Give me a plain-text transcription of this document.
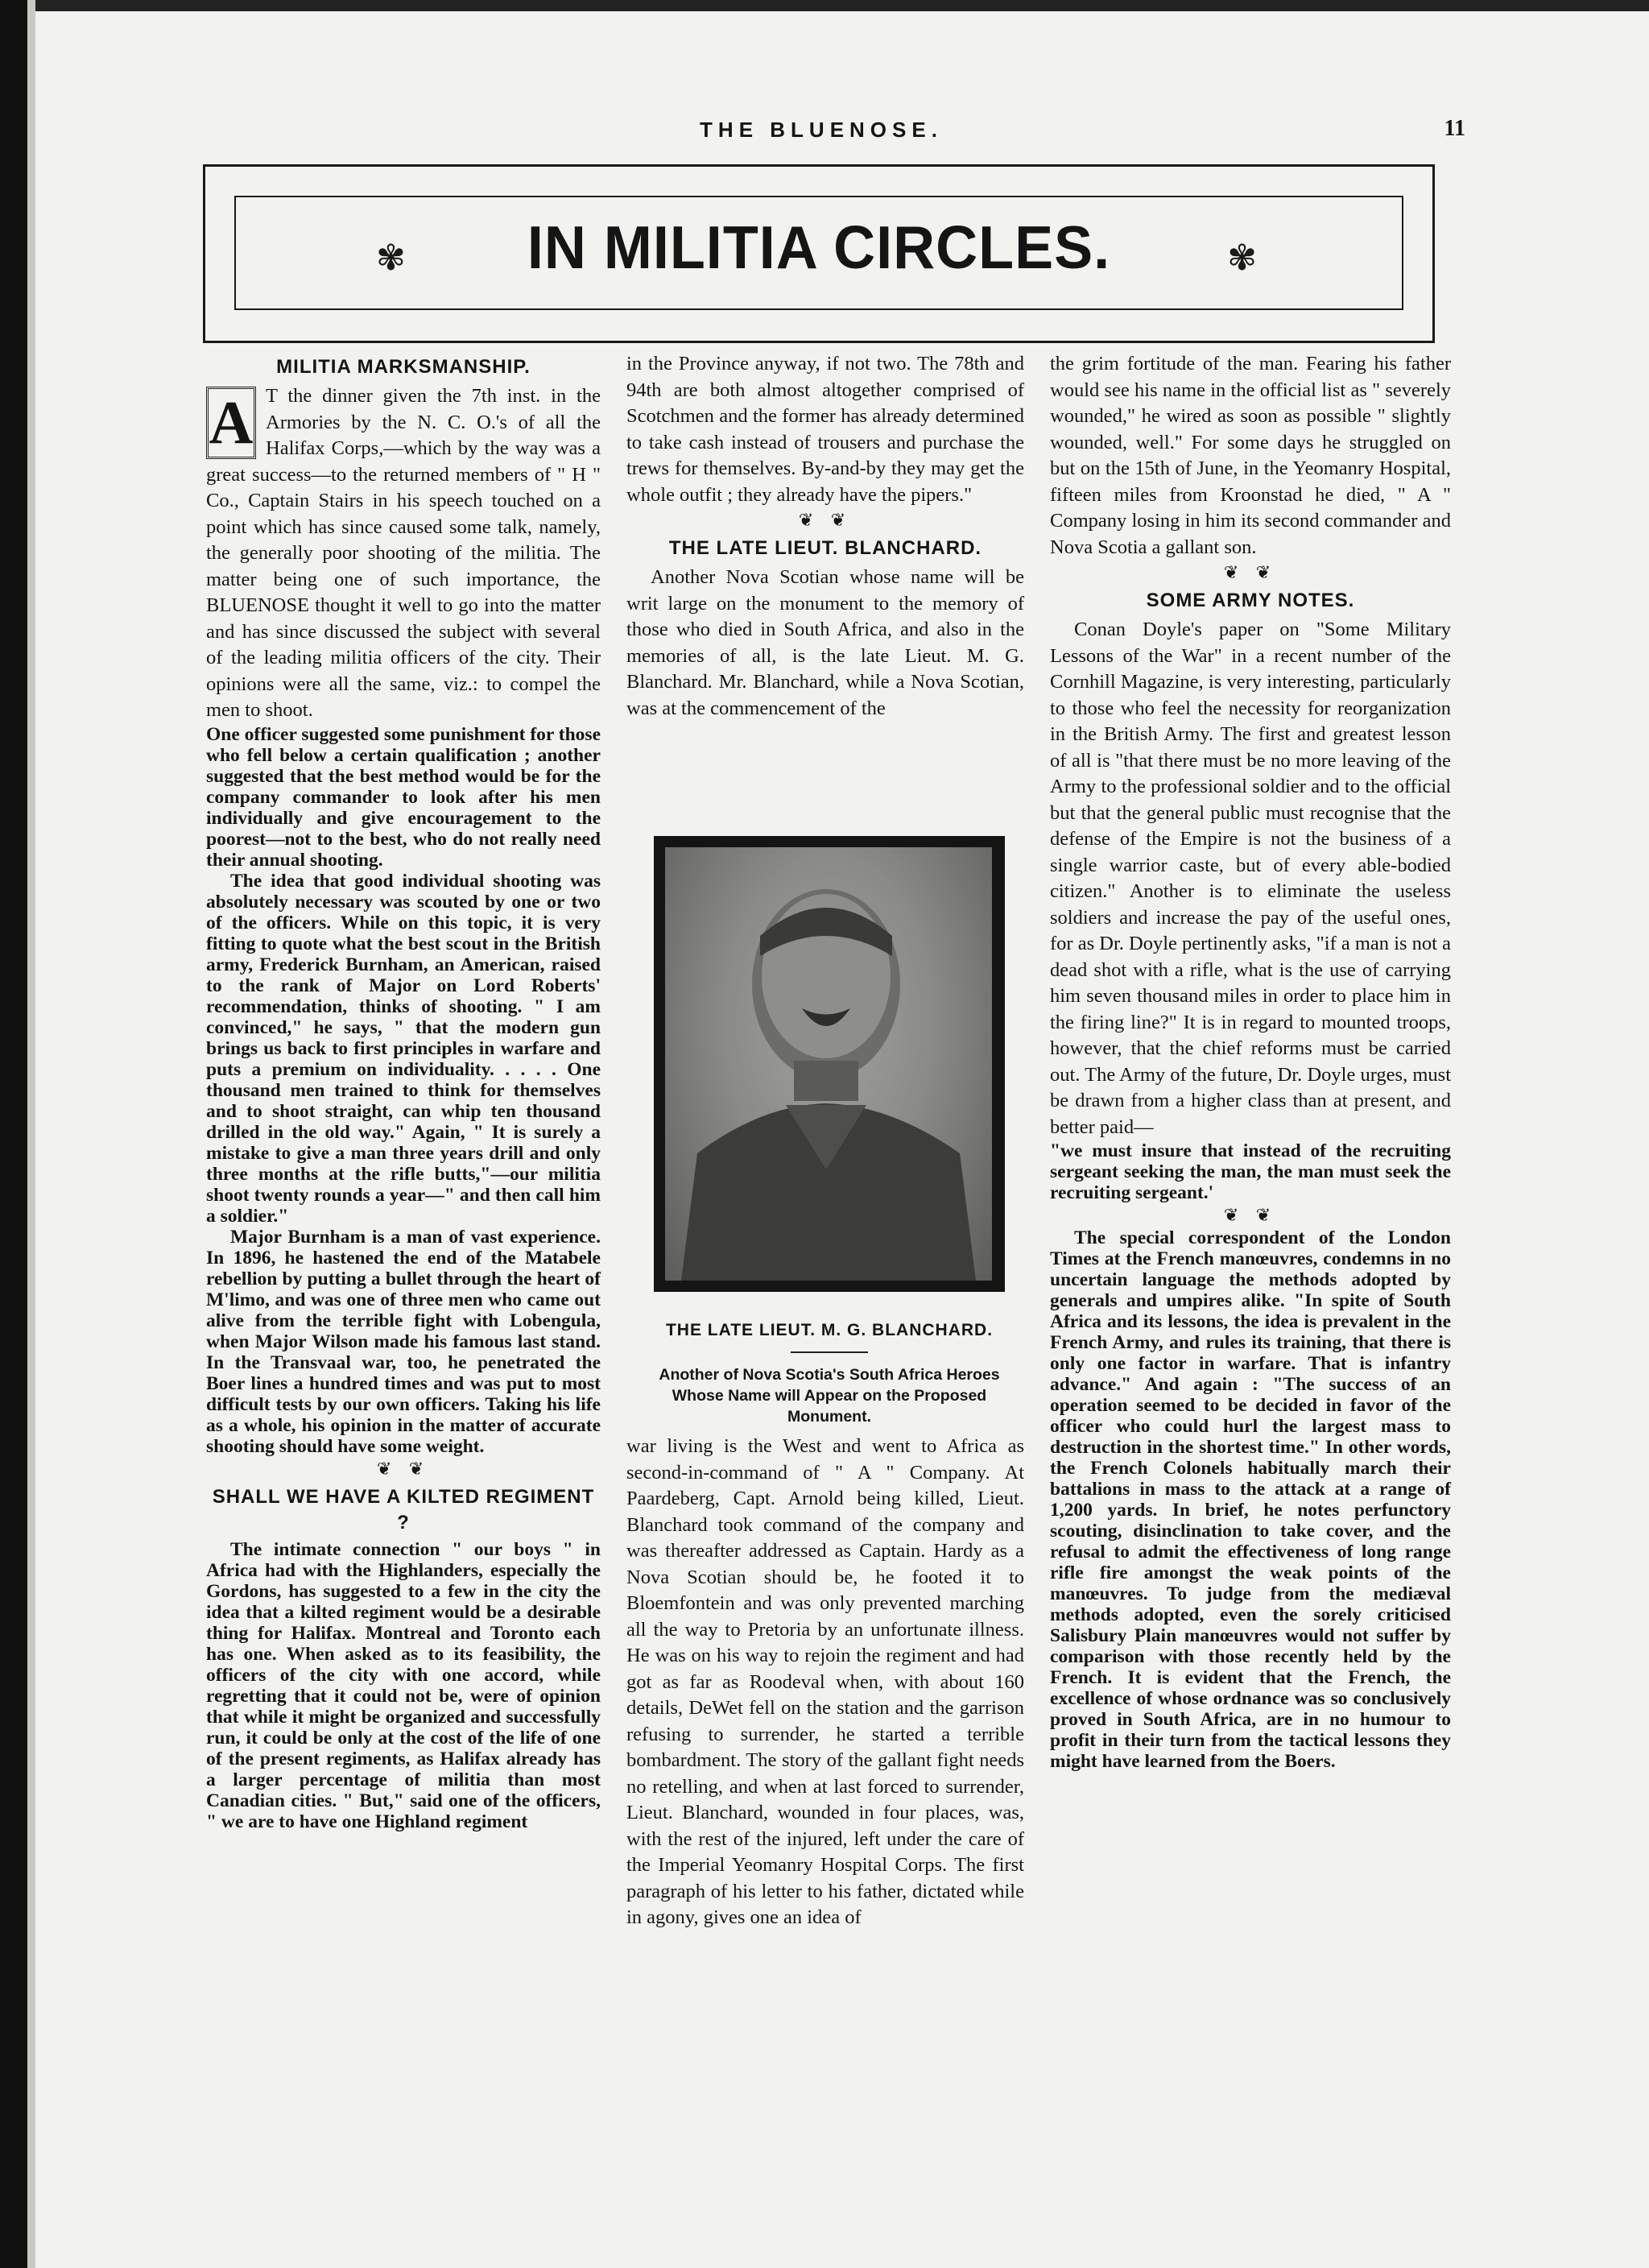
THE BLUENOSE.	11
✾	IN MILITIA CIRCLES.	✾
MILITIA MARKSMANSHIP.

A T the dinner given the 7th inst. in the Armories by the N. C. O.'s of all the Halifax Corps,—which by the way was a great success—to the returned members of " H " Co., Captain Stairs in his speech touched on a point which has since caused some talk, namely, the generally poor shooting of the militia. The matter being one of such importance, the BLUENOSE thought it well to go into the matter and has since discussed the subject with several of the leading militia officers of the city. Their opinions were all the same, viz.: to compel the men to shoot.

One officer suggested some punishment for those who fell below a certain qualification ; another suggested that the best method would be for the company commander to look after his men individually and give encouragement to the poorest—not to the best, who do not really need their annual shooting.

The idea that good individual shooting was absolutely necessary was scouted by one or two of the officers. While on this topic, it is very fitting to quote what the best scout in the British army, Frederick Burnham, an American, raised to the rank of Major on Lord Roberts' recommendation, thinks of shooting. " I am convinced," he says, " that the modern gun brings us back to first principles in warfare and puts a premium on individuality. . . . . One thousand men trained to think for themselves and to shoot straight, can whip ten thousand drilled in the old way." Again, " It is surely a mistake to give a man three years drill and only three months at the rifle butts,"—our militia shoot twenty rounds a year—" and then call him a soldier."

Major Burnham is a man of vast experience. In 1896, he hastened the end of the Matabele rebellion by putting a bullet through the heart of M'limo, and was one of three men who came out alive from the terrible fight with Lobengula, when Major Wilson made his famous last stand. In the Transvaal war, too, he penetrated the Boer lines a hundred times and was put to most difficult tests by our own officers. Taking his life as a whole, his opinion in the matter of accurate shooting should have some weight.

❦ ❦
SHALL WE HAVE A KILTED REGIMENT ?

The intimate connection " our boys " in Africa had with the Highlanders, especially the Gordons, has suggested to a few in the city the idea that a kilted regiment would be a desirable thing for Halifax. Montreal and Toronto each has one. When asked as to its feasibility, the officers of the city with one accord, while regretting that it could not be, were of opinion that while it might be organized and successfully run, it could be only at the cost of the life of one of the present regiments, as Halifax already has a larger percentage of militia than most Canadian cities. " But," said one of the officers, " we are to have one Highland regiment

in the Province anyway, if not two. The 78th and 94th are both almost altogether comprised of Scotchmen and the former has already determined to take cash instead of trousers and purchase the trews for themselves. By-and-by they may get the whole outfit ; they already have the pipers."

❦ ❦
THE LATE LIEUT. BLANCHARD.

Another Nova Scotian whose name will be writ large on the monument to the memory of those who died in South Africa, and also in the memories of all, is the late Lieut. M. G. Blanchard. Mr. Blanchard, while a Nova Scotian, was at the commencement of the

THE LATE LIEUT. M. G. BLANCHARD.
Another of Nova Scotia's South Africa Heroes Whose Name will Appear on the Proposed Monument.

war living is the West and went to Africa as second-in-command of " A " Company. At Paardeberg, Capt. Arnold being killed, Lieut. Blanchard took command of the company and was thereafter addressed as Captain. Hardy as a Nova Scotian should be, he footed it to Bloemfontein and was only prevented marching all the way to Pretoria by an unfortunate illness. He was on his way to rejoin the regiment and had got as far as Roodeval when, with about 160 details, DeWet fell on the station and the garrison refusing to surrender, he started a terrible bombardment. The story of the gallant fight needs no retelling, and when at last forced to surrender, Lieut. Blanchard, wounded in four places, was, with the rest of the injured, left under the care of the Imperial Yeomanry Hospital Corps. The first paragraph of his letter to his father, dictated while in agony, gives one an idea of

the grim fortitude of the man. Fearing his father would see his name in the official list as " severely wounded," he wired as soon as possible " slightly wounded, well." For some days he struggled on but on the 15th of June, in the Yeomanry Hospital, fifteen miles from Kroonstad he died, " A " Company losing in him its second commander and Nova Scotia a gallant son.

❦ ❦
SOME ARMY NOTES.

Conan Doyle's paper on "Some Military Lessons of the War" in a recent number of the Cornhill Magazine, is very interesting, particularly to those who feel the necessity for reorganization in the British Army. The first and greatest lesson of all is "that there must be no more leaving of the Army to the professional soldier and to the official but that the general public must recognise that the defense of the Empire is not the business of a single warrior caste, but of every able-bodied citizen." Another is to eliminate the useless soldiers and increase the pay of the useful ones, for as Dr. Doyle pertinently asks, "if a man is not a dead shot with a rifle, what is the use of carrying him seven thousand miles in order to place him in the firing line?" It is in regard to mounted troops, however, that the chief reforms must be carried out. The Army of the future, Dr. Doyle urges, must be drawn from a higher class than at present, and better paid—

"we must insure that instead of the recruiting sergeant seeking the man, the man must seek the recruiting sergeant.'

❦ ❦

The special correspondent of the London Times at the French manœuvres, condemns in no uncertain language the methods adopted by generals and umpires alike. "In spite of South Africa and its lessons, the idea is prevalent in the French Army, and rules its training, that there is only one factor in warfare. That is infantry advance." And again : "The success of an operation seemed to be decided in favor of the officer who could hurl the largest mass to destruction in the shortest time." In other words, the French Colonels habitually march their battalions in mass to the attack at a range of 1,200 yards. In brief, he notes perfunctory scouting, disinclination to take cover, and the refusal to admit the effectiveness of long range rifle fire amongst the weak points of the manœuvres. To judge from the mediæval methods adopted, even the sorely criticised Salisbury Plain manœuvres would not suffer by comparison with those recently held by the French. It is evident that the French, the excellence of whose ordnance was so conclusively proved in South Africa, are in no humour to profit in their turn from the tactical lessons they might have learned from the Boers.
